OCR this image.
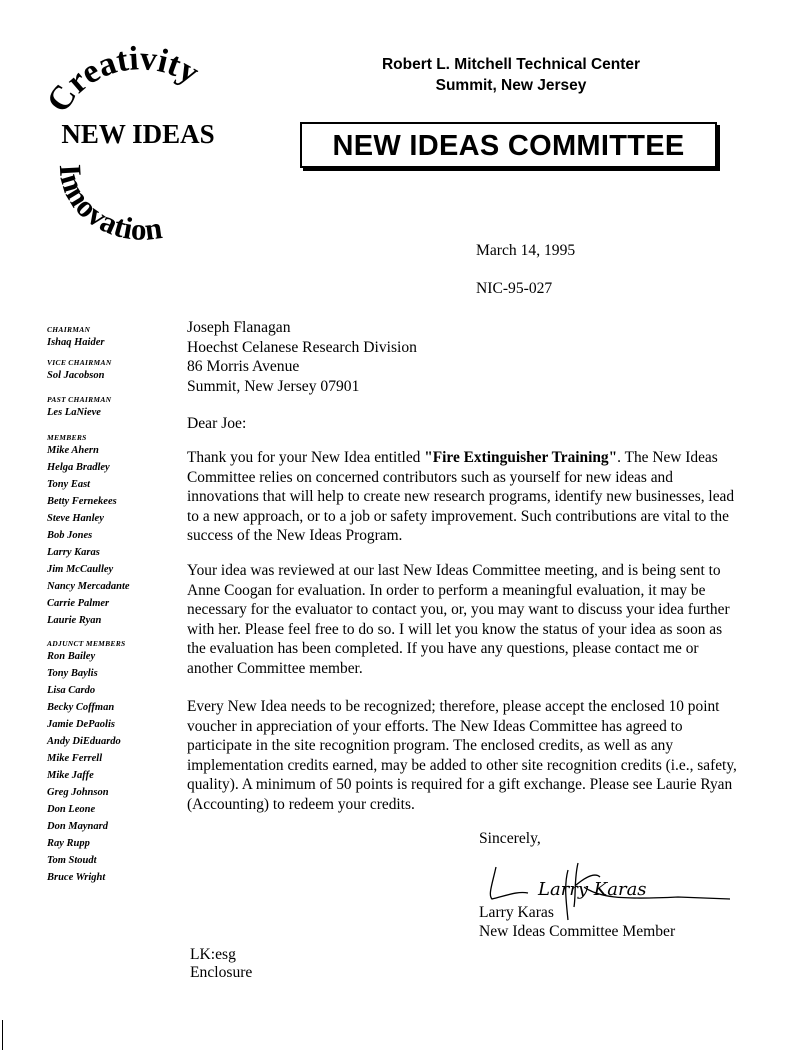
Creativity
NEW IDEAS
Innovation
Robert L. Mitchell Technical Center
Summit, New Jersey
NEW IDEAS COMMITTEE
March 14, 1995
NIC-95-027
Joseph Flanagan
Hoechst Celanese Research Division
86 Morris Avenue
Summit, New Jersey 07901
Dear Joe:
Thank you for your New Idea entitled "Fire Extinguisher Training". The New Ideas
Committee relies on concerned contributors such as yourself for new ideas and
innovations that will help to create new research programs, identify new businesses, lead
to a new approach, or to a job or safety improvement. Such contributions are vital to the
success of the New Ideas Program.
Your idea was reviewed at our last New Ideas Committee meeting, and is being sent to
Anne Coogan for evaluation. In order to perform a meaningful evaluation, it may be
necessary for the evaluator to contact you, or, you may want to discuss your idea further
with her. Please feel free to do so. I will let you know the status of your idea as soon as
the evaluation has been completed. If you have any questions, please contact me or
another Committee member.
Every New Idea needs to be recognized; therefore, please accept the enclosed 10 point
voucher in appreciation of your efforts. The New Ideas Committee has agreed to
participate in the site recognition program. The enclosed credits, as well as any
implementation credits earned, may be added to other site recognition credits (i.e., safety,
quality). A minimum of 50 points is required for a gift exchange. Please see Laurie Ryan
(Accounting) to redeem your credits.
Sincerely,
Larry Karas
Larry Karas
New Ideas Committee Member
LK:esg
Enclosure
CHAIRMAN
Ishaq Haider
VICE CHAIRMAN
Sol Jacobson
PAST CHAIRMAN
Les LaNieve
MEMBERS
Mike Ahern
Helga Bradley
Tony East
Betty Fernekees
Steve Hanley
Bob Jones
Larry Karas
Jim McCaulley
Nancy Mercadante
Carrie Palmer
Laurie Ryan
ADJUNCT MEMBERS
Ron Bailey
Tony Baylis
Lisa Cardo
Becky Coffman
Jamie DePaolis
Andy DiEduardo
Mike Ferrell
Mike Jaffe
Greg Johnson
Don Leone
Don Maynard
Ray Rupp
Tom Stoudt
Bruce Wright
